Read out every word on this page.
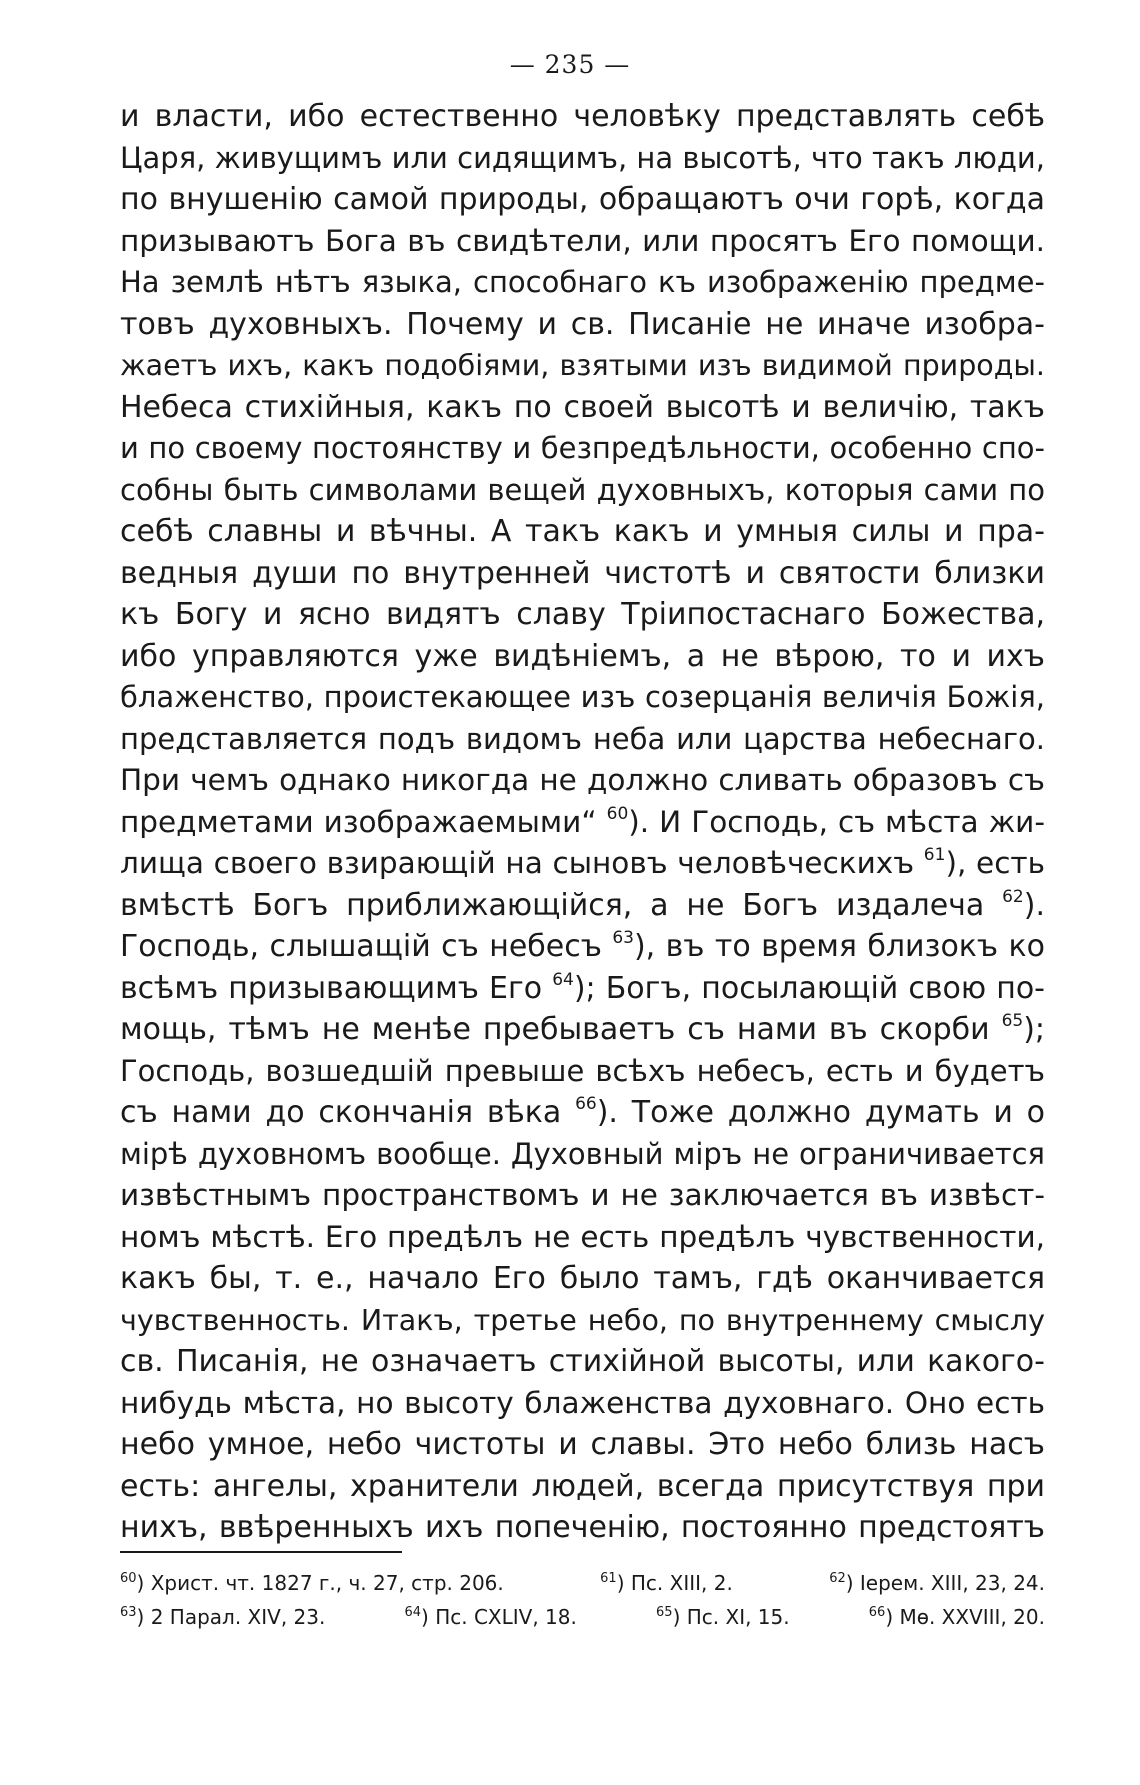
— 235 —
и власти, ибо естественно человѣку представлять себѣ
Царя, живущимъ или сидящимъ, на высотѣ, что такъ люди,
по внушенію самой природы, обращаютъ очи горѣ, когда
призываютъ Бога въ свидѣтели, или просятъ Его помощи.
На землѣ нѣтъ языка, способнаго къ изображенію предме-
товъ духовныхъ. Почему и св. Писаніе не иначе изобра-
жаетъ ихъ, какъ подобіями, взятыми изъ видимой природы.
Небеса стихійныя, какъ по своей высотѣ и величію, такъ
и по своему постоянству и безпредѣльности, особенно спо-
собны быть символами вещей духовныхъ, которыя сами по
себѣ славны и вѣчны. А такъ какъ и умныя силы и пра-
ведныя души по внутренней чистотѣ и святости близки
къ Богу и ясно видятъ славу Тріипостаснаго Божества,
ибо управляются уже видѣніемъ, а не вѣрою, то и ихъ
блаженство, проистекающее изъ созерцанія величія Божія,
представляется подъ видомъ неба или царства небеснаго.
При чемъ однако никогда не должно сливать образовъ съ
предметами изображаемыми“ $^{60}$). И Господь, съ мѣста жи-
лища своего взирающій на сыновъ человѣческихъ $^{61}$), есть
вмѣстѣ Богъ приближающійся, а не Богъ издалеча $^{62}$).
Господь, слышащій съ небесъ $^{63}$), въ то время близокъ ко
всѣмъ призывающимъ Его $^{64}$); Богъ, посылающій свою по-
мощь, тѣмъ не менѣе пребываетъ съ нами въ скорби $^{65}$);
Господь, возшедшій превыше всѣхъ небесъ, есть и будетъ
съ нами до скончанія вѣка $^{66}$). Тоже должно думать и о
мірѣ духовномъ вообще. Духовный міръ не ограничивается
извѣстнымъ пространствомъ и не заключается въ извѣст-
номъ мѣстѣ. Его предѣлъ не есть предѣлъ чувственности,
какъ бы, т. е., начало Его было тамъ, гдѣ оканчивается
чувственность. Итакъ, третье небо, по внутреннему смыслу
св. Писанія, не означаетъ стихійной высоты, или какого-
нибудь мѣста, но высоту блаженства духовнаго. Оно есть
небо умное, небо чистоты и славы. Это небо близь насъ
есть: ангелы, хранители людей, всегда присутствуя при
нихъ, ввѣренныхъ ихъ попеченію, постоянно предстоятъ
$^{60}$) Христ. чт. 1827 г., ч. 27, стр. 206.	$^{61}$) Пс. XIII, 2.	$^{62}$) Іерем. XIII, 23, 24.
$^{63}$) 2 Парал. XIV, 23.	$^{64}$) Пс. CXLIV, 18.	$^{65}$) Пс. XI, 15.	$^{66}$) Мѳ. XXVIII, 20.
